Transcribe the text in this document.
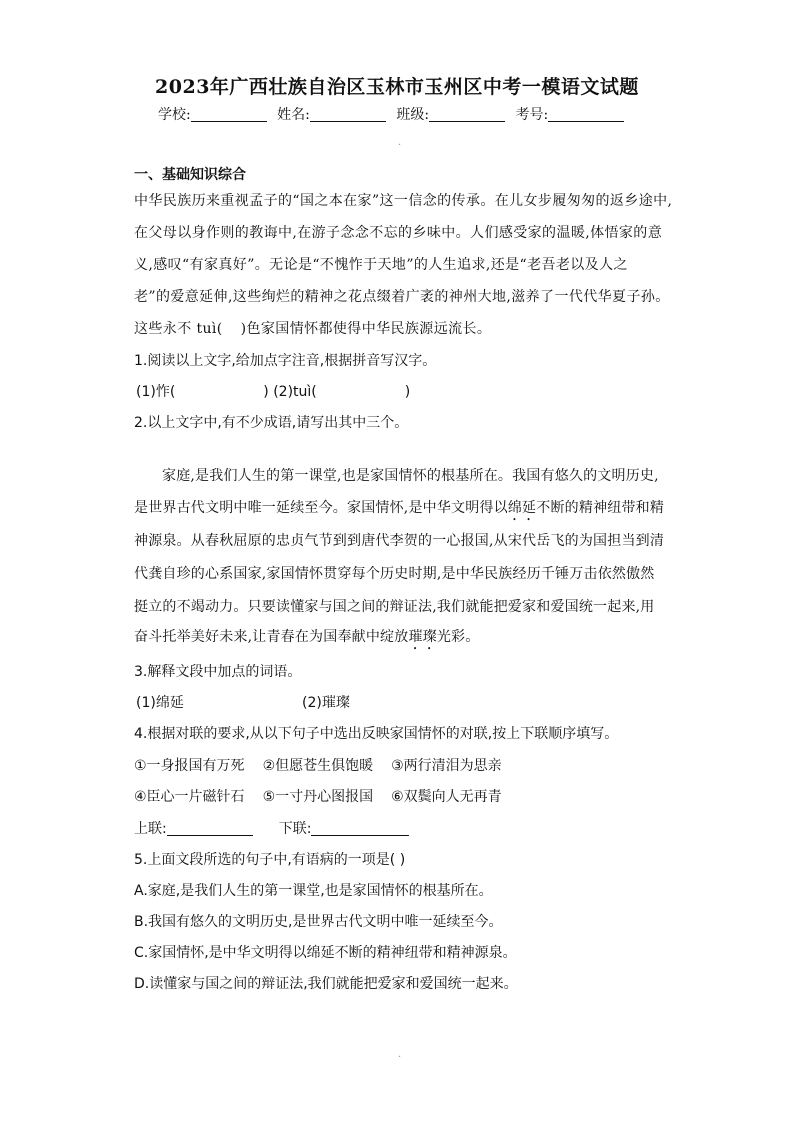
2023年广西壮族自治区玉林市玉州区中考一模语文试题
学校:	姓名:	班级:	考号:
·
一、基础知识综合
中华民族历来重视孟子的“国之本在家”这一信念的传承。在儿女步履匆匆的返乡途中,
在父母以身作则的教诲中,在游子念念不忘的乡味中。人们感受家的温暖,体悟家的意
义,感叹“有家真好”。无论是“不愧怍于天地”的人生追求,还是“老吾老以及人之
老”的爱意延伸,这些绚烂的精神之花点缀着广袤的神州大地,滋养了一代代华夏子孙。
这些永不 tuì( )色家国情怀都使得中华民族源远流长。
1.阅读以上文字,给加点字注音,根据拼音写汉字。
(1)怍(	) (2)tuì(	)
2.以上文字中,有不少成语,请写出其中三个。
家庭,是我们人生的第一课堂,也是家国情怀的根基所在。我国有悠久的文明历史,
是世界古代文明中唯一延续至今。家国情怀,是中华文明得以绵延不断的精神纽带和精
神源泉。从春秋屈原的忠贞气节到到唐代李贺的一心报国,从宋代岳飞的为国担当到清
代龚自珍的心系国家,家国情怀贯穿每个历史时期,是中华民族经历千锤万击依然傲然
挺立的不竭动力。只要读懂家与国之间的辩证法,我们就能把爱家和爱国统一起来,用
奋斗托举美好未来,让青春在为国奉献中绽放璀璨光彩。
3.解释文段中加点的词语。
(1)绵延	(2)璀璨
4.根据对联的要求,从以下句子中选出反映家国情怀的对联,按上下联顺序填写。
①一身报国有万死 ②但愿苍生俱饱暖 ③两行清泪为思亲
④臣心一片磁针石 ⑤一寸丹心图报国 ⑥双鬓向人无再青
上联:	下联:
5.上面文段所选的句子中,有语病的一项是( )
A.家庭,是我们人生的第一课堂,也是家国情怀的根基所在。
B.我国有悠久的文明历史,是世界古代文明中唯一延续至今。
C.家国情怀,是中华文明得以绵延不断的精神纽带和精神源泉。
D.读懂家与国之间的辩证法,我们就能把爱家和爱国统一起来。
·
